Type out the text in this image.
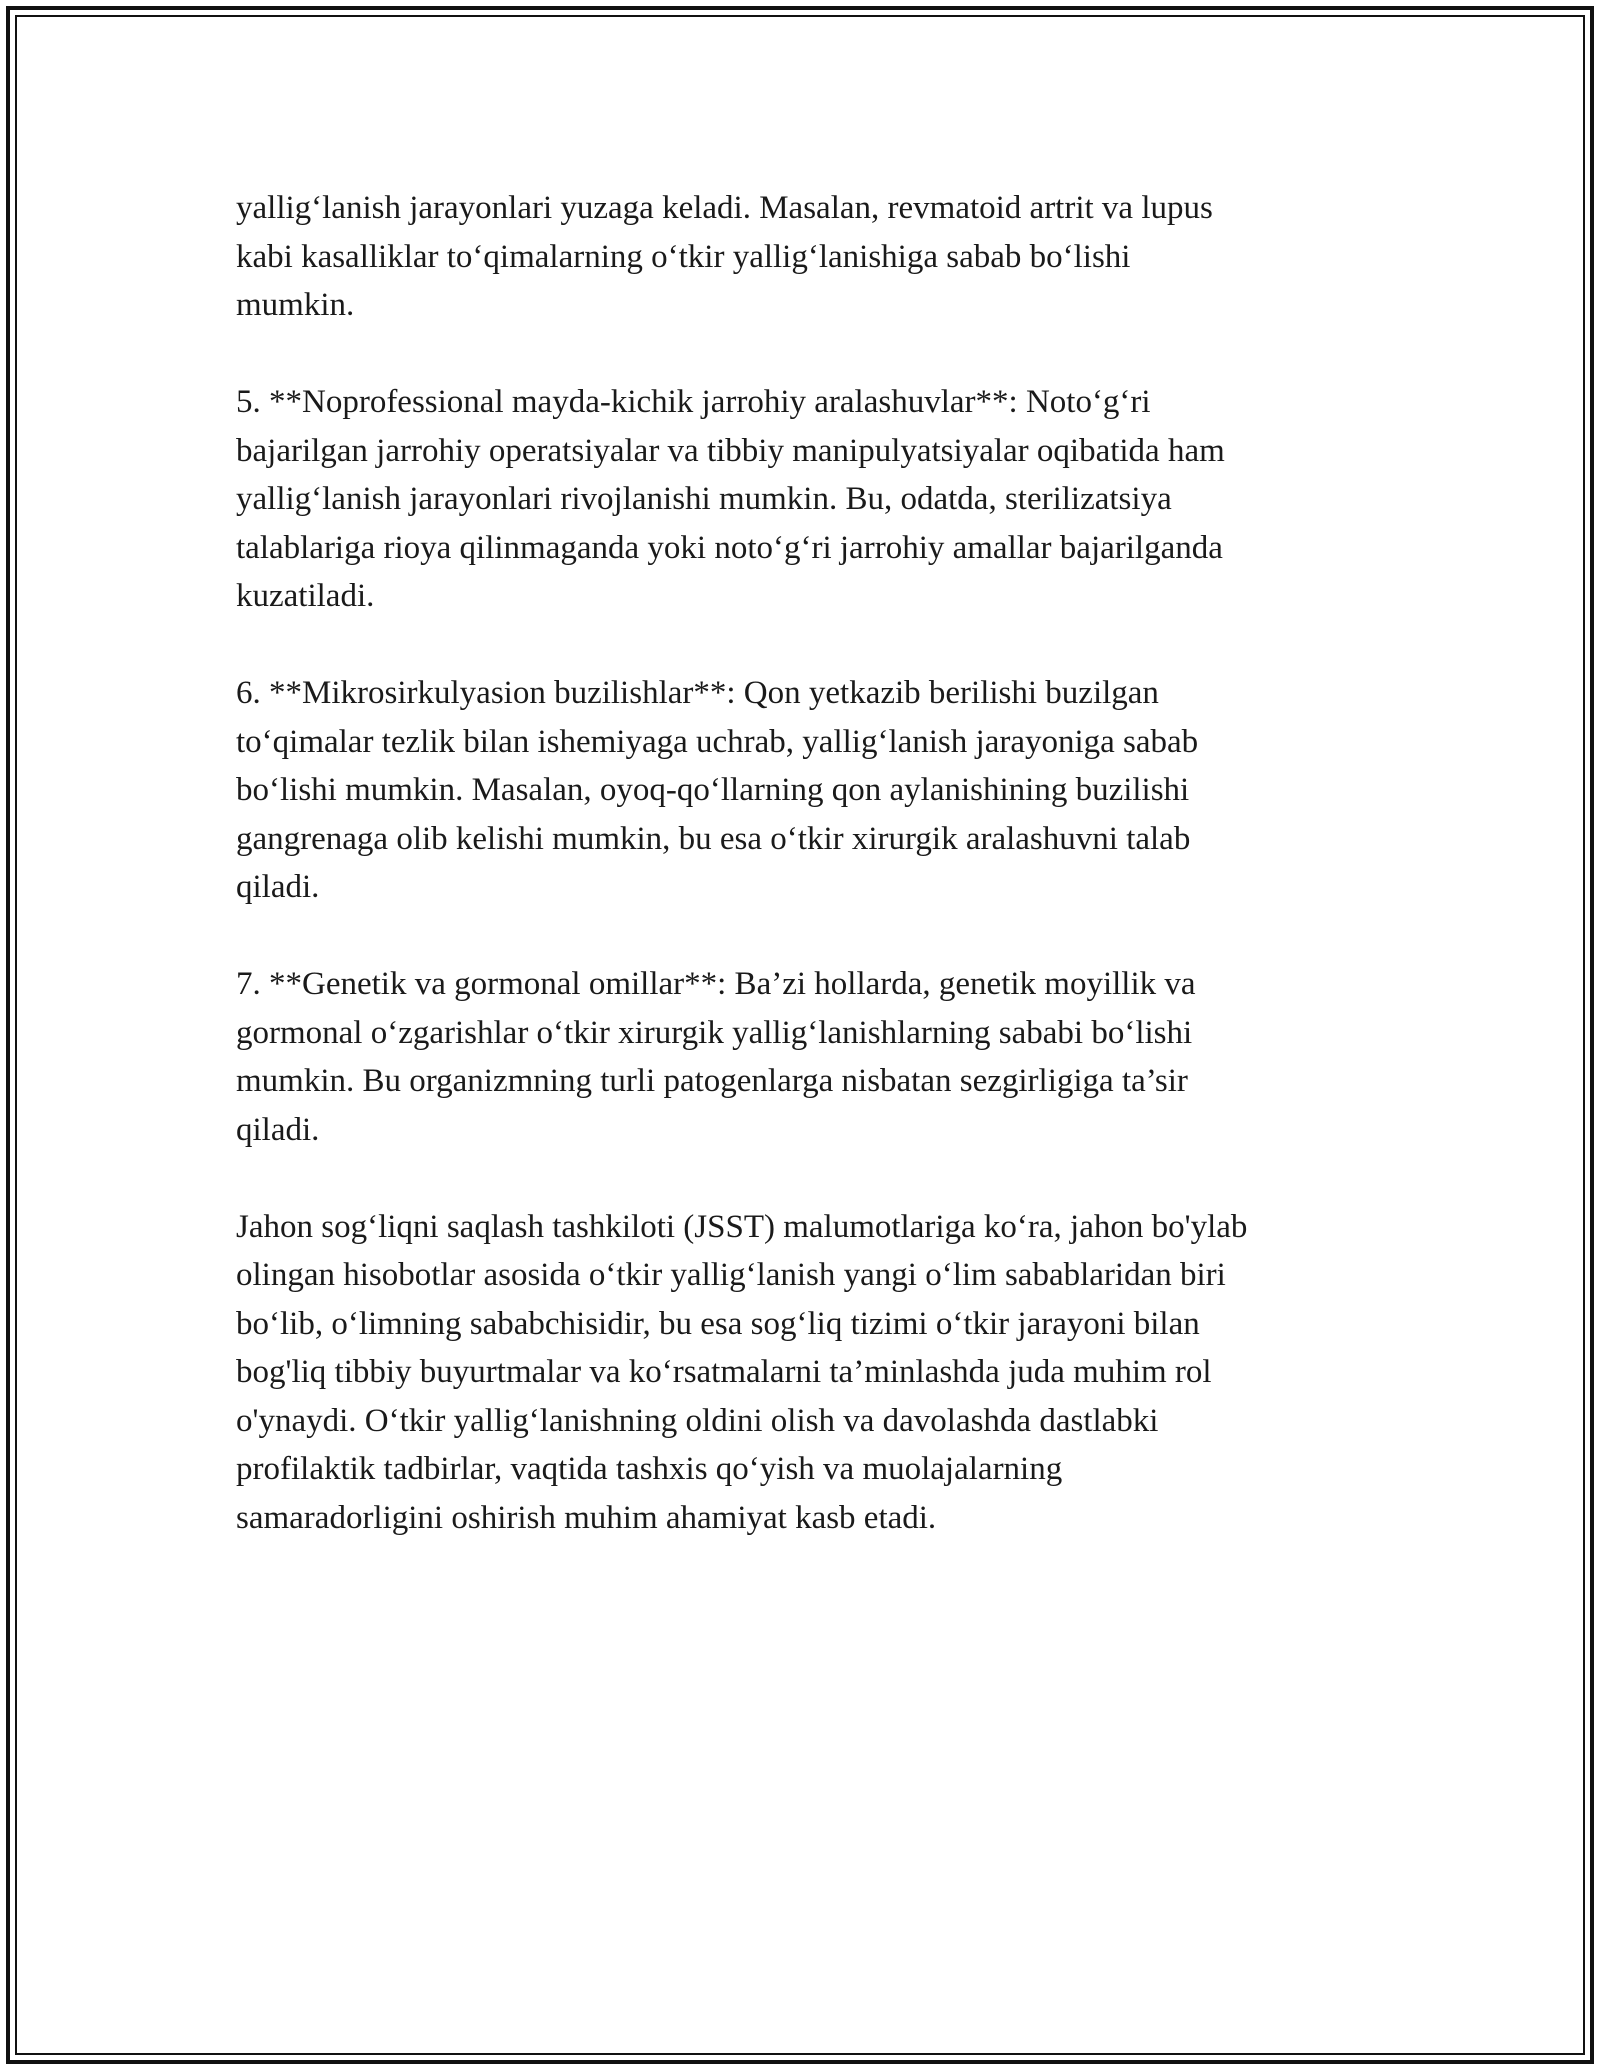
yallig‘lanish jarayonlari yuzaga keladi. Masalan, revmatoid artrit va lupus
kabi kasalliklar to‘qimalarning o‘tkir yallig‘lanishiga sabab bo‘lishi
mumkin.

5. **Noprofessional mayda-kichik jarrohiy aralashuvlar**: Noto‘g‘ri
bajarilgan jarrohiy operatsiyalar va tibbiy manipulyatsiyalar oqibatida ham
yallig‘lanish jarayonlari rivojlanishi mumkin. Bu, odatda, sterilizatsiya
talablariga rioya qilinmaganda yoki noto‘g‘ri jarrohiy amallar bajarilganda
kuzatiladi.

6. **Mikrosirkulyasion buzilishlar**: Qon yetkazib berilishi buzilgan
to‘qimalar tezlik bilan ishemiyaga uchrab, yallig‘lanish jarayoniga sabab
bo‘lishi mumkin. Masalan, oyoq-qo‘llarning qon aylanishining buzilishi
gangrenaga olib kelishi mumkin, bu esa o‘tkir xirurgik aralashuvni talab
qiladi.

7. **Genetik va gormonal omillar**: Ba’zi hollarda, genetik moyillik va
gormonal o‘zgarishlar o‘tkir xirurgik yallig‘lanishlarning sababi bo‘lishi
mumkin. Bu organizmning turli patogenlarga nisbatan sezgirligiga ta’sir
qiladi.

Jahon sog‘liqni saqlash tashkiloti (JSST) malumotlariga ko‘ra, jahon bo'ylab
olingan hisobotlar asosida o‘tkir yallig‘lanish yangi o‘lim sabablaridan biri
bo‘lib, o‘limning sababchisidir, bu esa sog‘liq tizimi o‘tkir jarayoni bilan
bog'liq tibbiy buyurtmalar va ko‘rsatmalarni ta’minlashda juda muhim rol
o'ynaydi. O‘tkir yallig‘lanishning oldini olish va davolashda dastlabki
profilaktik tadbirlar, vaqtida tashxis qo‘yish va muolajalarning
samaradorligini oshirish muhim ahamiyat kasb etadi.
